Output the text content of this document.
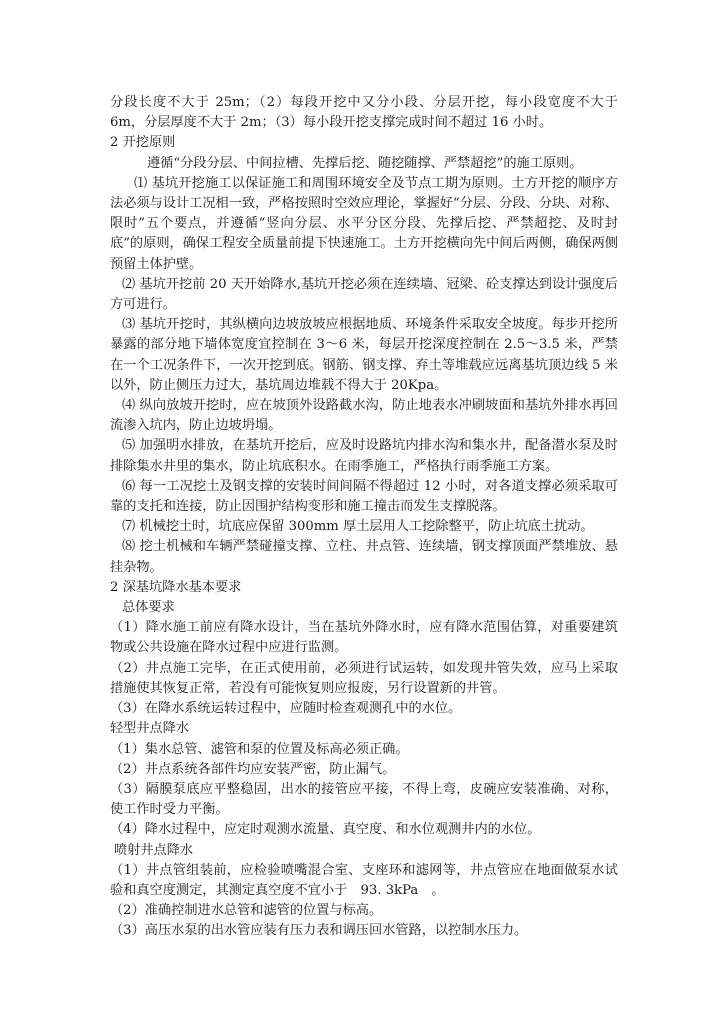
分段长度不大于 25m；（2）每段开挖中又分小段、分层开挖，每小段宽度不大于 6m，分层厚度不大于 2m；（3）每小段开挖支撑完成时间不超过 16 小时。

2 开挖原则

遵循“分段分层、中间拉槽、先撑后挖、随挖随撑、严禁超挖”的施工原则。

⑴ 基坑开挖施工以保证施工和周围环境安全及节点工期为原则。土方开挖的顺序方法必须与设计工况相一致，严格按照时空效应理论，掌握好“分层、分段、分块、对称、限时”五个要点，并遵循“竖向分层、水平分区分段、先撑后挖、严禁超挖、及时封底”的原则，确保工程安全质量前提下快速施工。土方开挖横向先中间后两侧，确保两侧预留土体护壁。

⑵ 基坑开挖前 20 天开始降水,基坑开挖必须在连续墙、冠梁、砼支撑达到设计强度后方可进行。

⑶ 基坑开挖时，其纵横向边坡放坡应根据地质、环境条件采取安全坡度。每步开挖所暴露的部分地下墙体宽度宜控制在 3～6 米，每层开挖深度控制在 2.5～3.5 米，严禁在一个工况条件下，一次开挖到底。钢筋、钢支撑、弃土等堆载应远离基坑顶边线 5 米以外，防止侧压力过大，基坑周边堆载不得大于 20Kpa。

⑷ 纵向放坡开挖时，应在坡顶外设路截水沟，防止地表水冲刷坡面和基坑外排水再回流渗入坑内，防止边坡坍塌。

⑸ 加强明水排放，在基坑开挖后，应及时设路坑内排水沟和集水井，配备潜水泵及时排除集水井里的集水，防止坑底积水。在雨季施工，严格执行雨季施工方案。

⑹ 每一工况挖土及钢支撑的安装时间间隔不得超过 12 小时，对各道支撑必须采取可靠的支托和连接，防止因围护结构变形和施工撞击而发生支撑脱落。

⑺ 机械挖土时，坑底应保留 300mm 厚土层用人工挖除整平，防止坑底土扰动。

⑻ 挖土机械和车辆严禁碰撞支撑、立柱、井点管、连续墙，钢支撑顶面严禁堆放、悬挂杂物。

2 深基坑降水基本要求

总体要求

（1）降水施工前应有降水设计，当在基坑外降水时，应有降水范围估算，对重要建筑物或公共设施在降水过程中应进行监测。

（2）井点施工完毕，在正式使用前，必须进行试运转，如发现井管失效，应马上采取措施使其恢复正常，若没有可能恢复则应报废，另行设置新的井管。

（3）在降水系统运转过程中，应随时检查观测孔中的水位。

轻型井点降水

（1）集水总管、滤管和泵的位置及标高必须正确。

（2）井点系统各部件均应安装严密，防止漏气。

（3）隔膜泵底应平整稳固，出水的接管应平接，不得上弯，皮碗应安装准确、对称，使工作时受力平衡。

（4）降水过程中，应定时观测水流量、真空度、和水位观测井内的水位。

喷射井点降水

（1）井点管组装前，应检验喷嘴混合室、支座环和滤网等，井点管应在地面做泵水试验和真空度测定，其测定真空度不宜小于　93. 3kPa　。

（2）准确控制进水总管和滤管的位置与标高。

（3）高压水泵的出水管应装有压力表和调压回水管路，以控制水压力。
